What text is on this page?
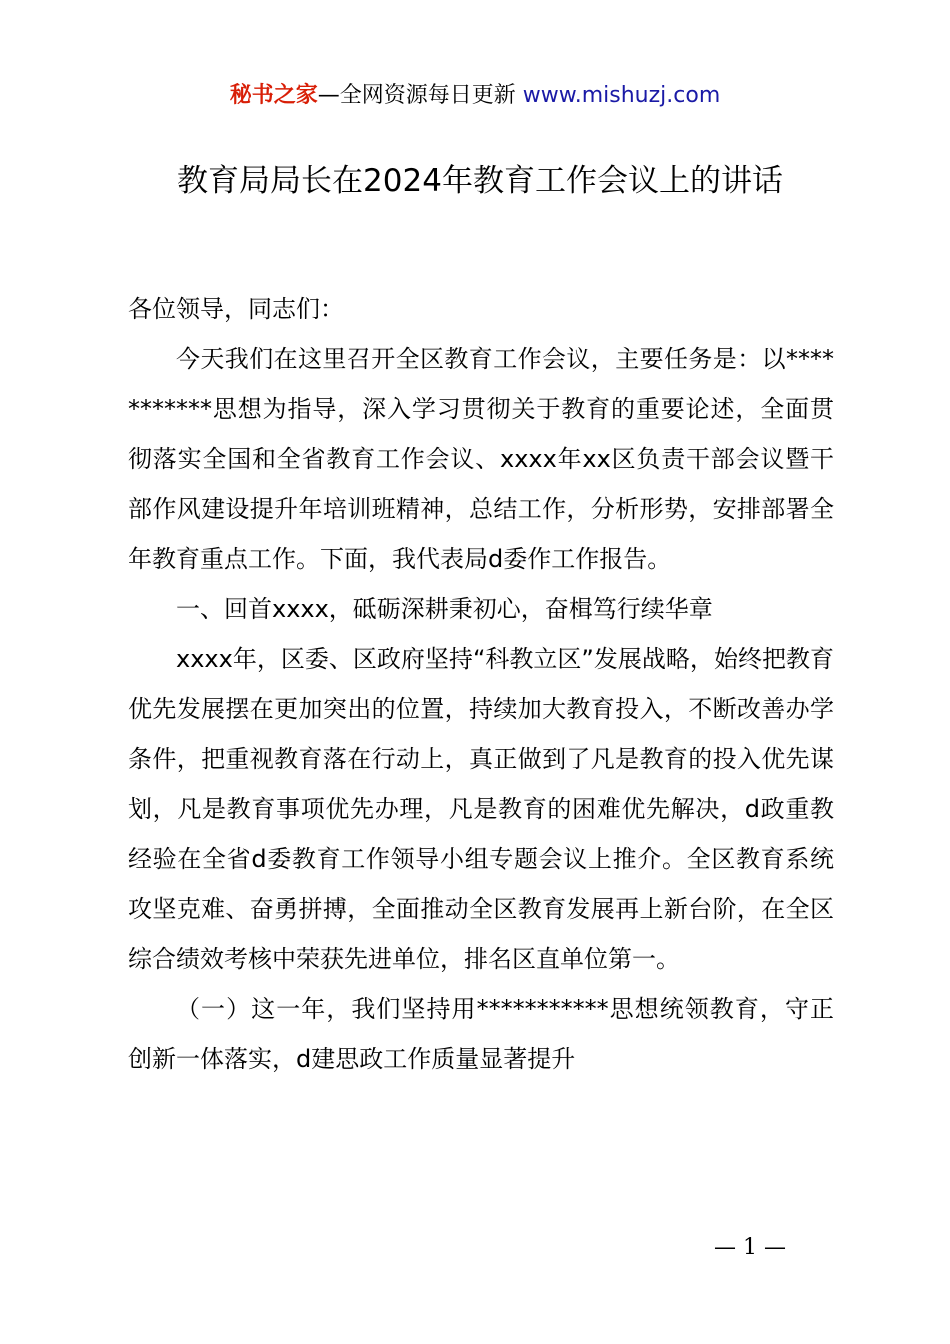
秘书之家—全网资源每日更新 www.mishuzj.com
教育局局长在2024年教育工作会议上的讲话

各位领导，同志们：

今天我们在这里召开全区教育工作会议，主要任务是：以***********思想为指导，深入学习贯彻关于教育的重要论述，全面贯彻落实全国和全省教育工作会议、xxxx年xx区负责干部会议暨干部作风建设提升年培训班精神，总结工作，分析形势，安排部署全年教育重点工作。下面，我代表局d委作工作报告。

一、回首xxxx，砥砺深耕秉初心，奋楫笃行续华章

xxxx年，区委、区政府坚持“科教立区”发展战略，始终把教育优先发展摆在更加突出的位置，持续加大教育投入，不断改善办学条件，把重视教育落在行动上，真正做到了凡是教育的投入优先谋划，凡是教育事项优先办理，凡是教育的困难优先解决，d政重教经验在全省d委教育工作领导小组专题会议上推介。全区教育系统攻坚克难、奋勇拼搏，全面推动全区教育发展再上新台阶，在全区综合绩效考核中荣获先进单位，排名区直单位第一。

（一）这一年，我们坚持用***********思想统领教育，守正创新一体落实，d建思政工作质量显著提升

— 1 —
